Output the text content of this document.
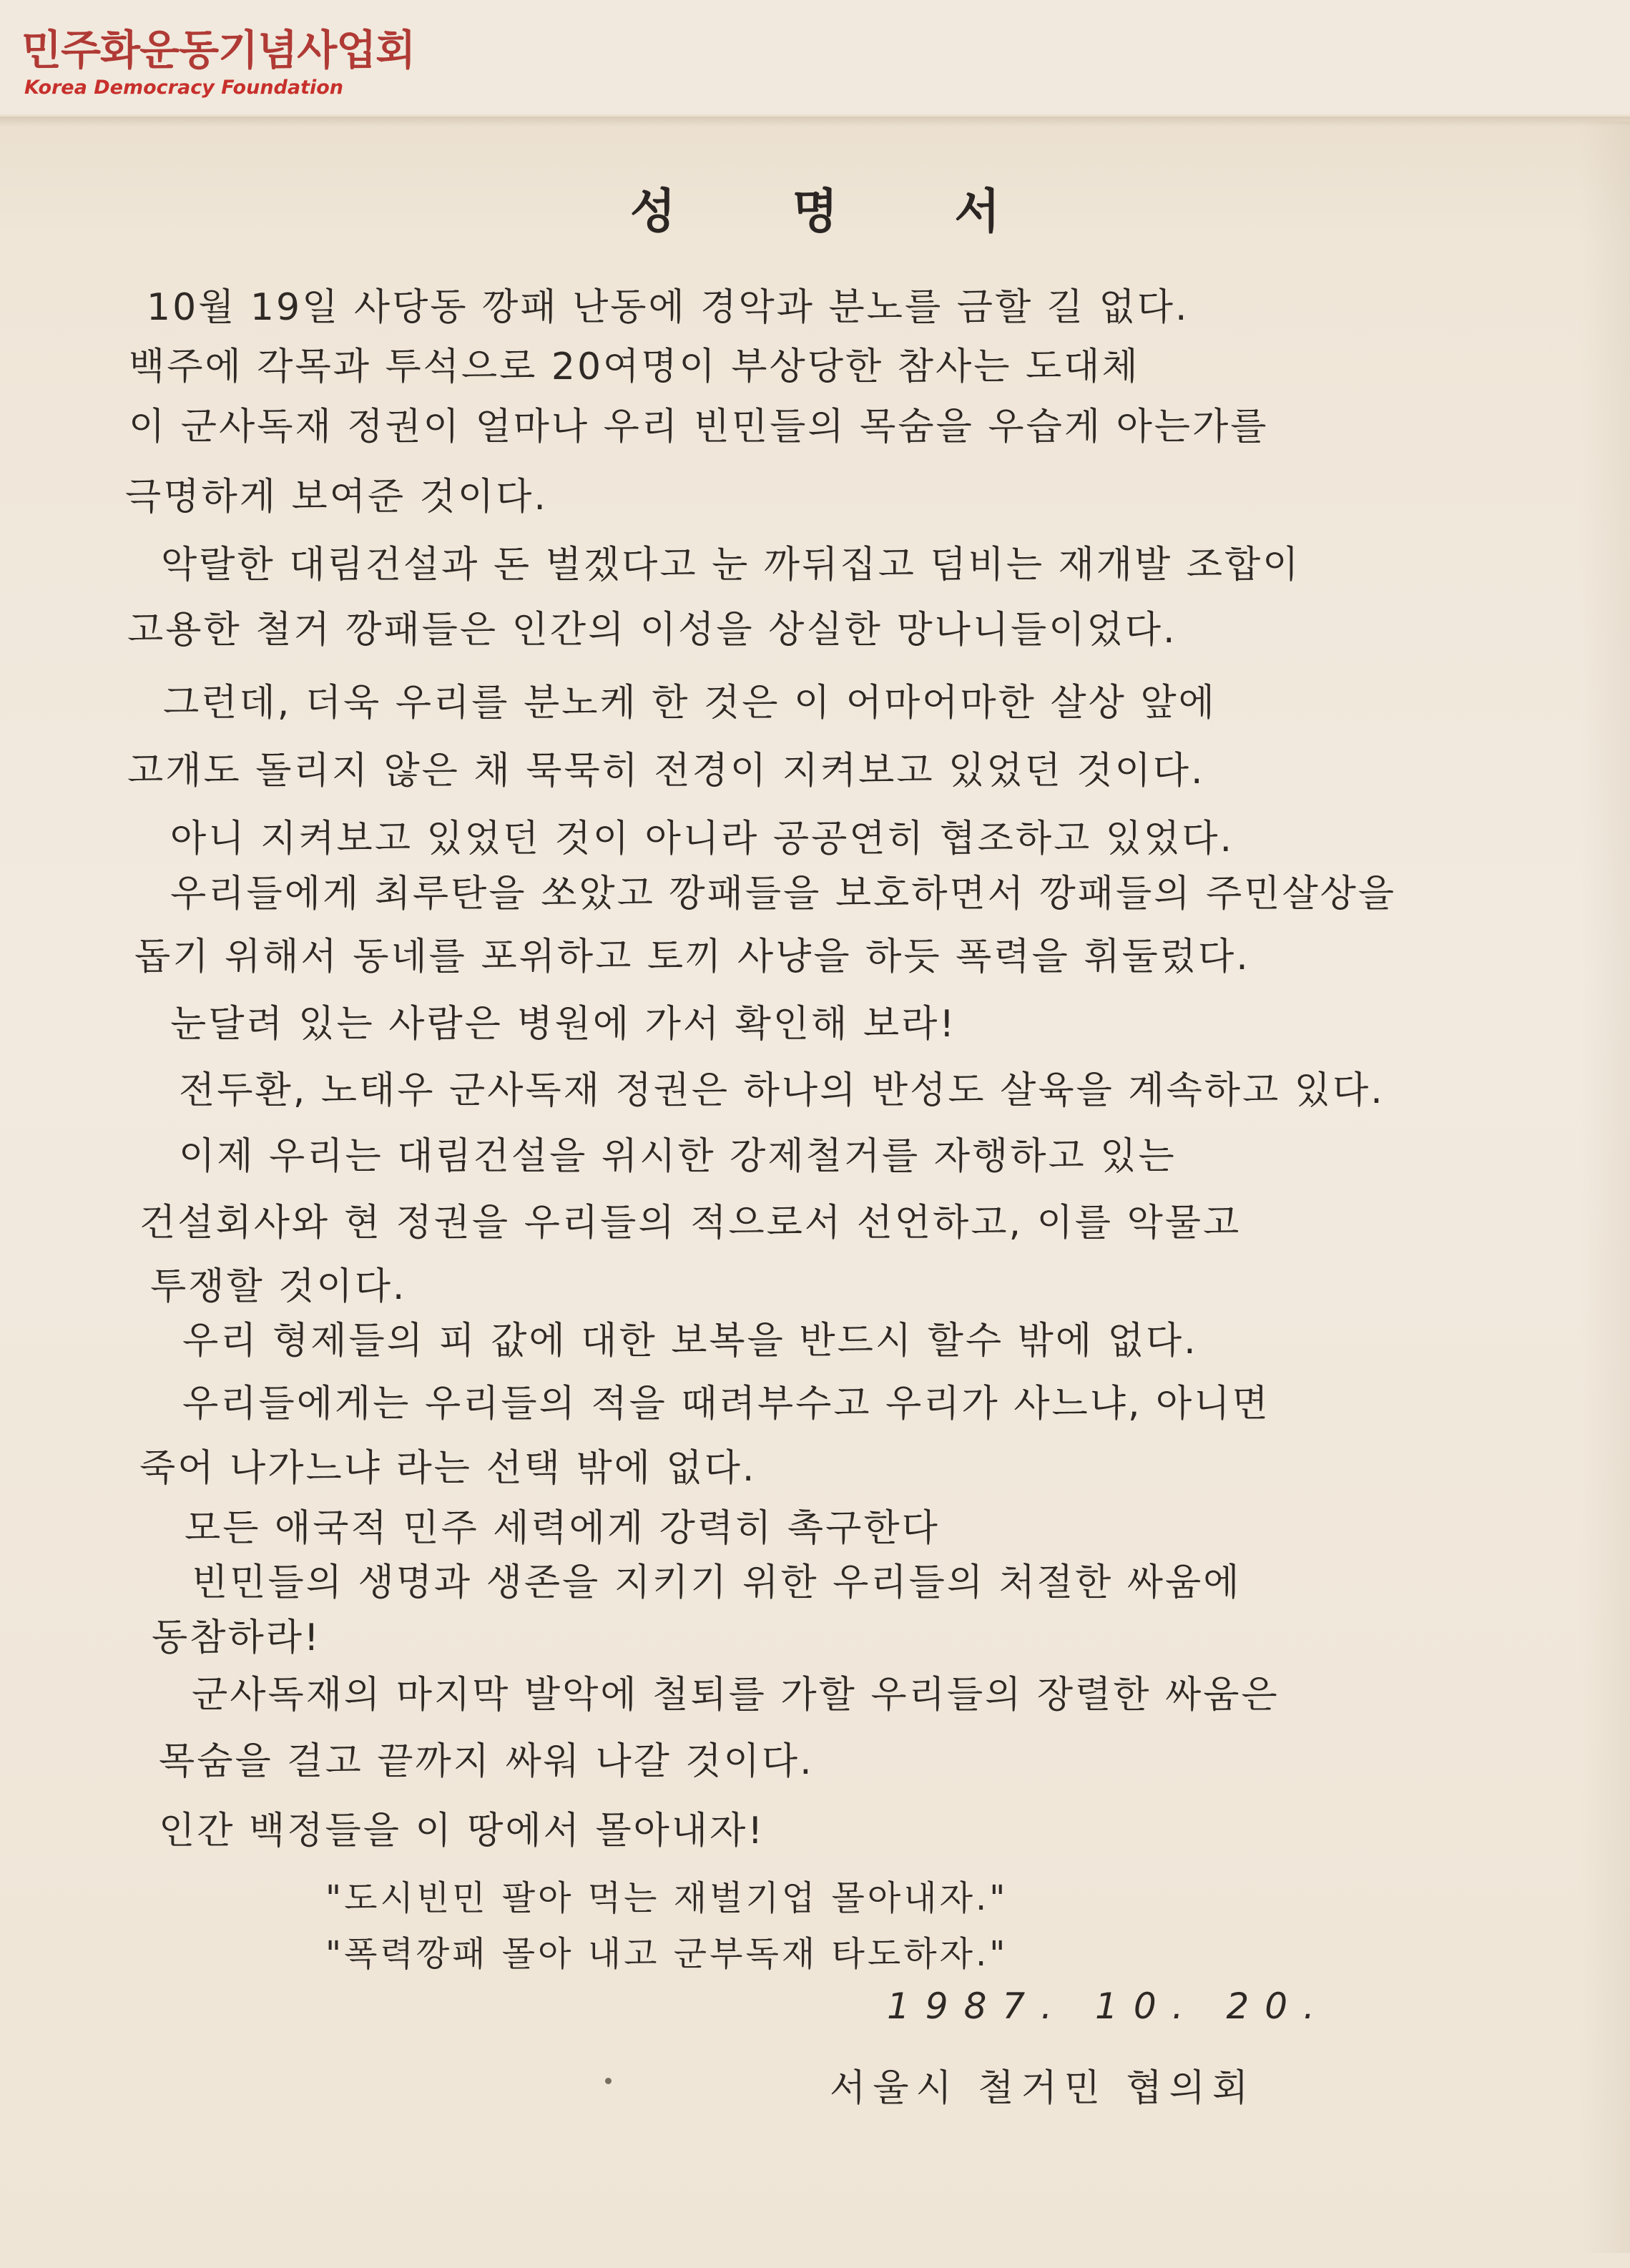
민주화운동기념사업회
Korea Democracy Foundation
성 명 서
10월 19일 사당동 깡패 난동에 경악과 분노를 금할 길 없다.
백주에 각목과 투석으로 20여명이 부상당한 참사는 도대체
이 군사독재 정권이 얼마나 우리 빈민들의 목숨을 우습게 아는가를
극명하게 보여준 것이다.
악랄한 대림건설과 돈 벌겠다고 눈 까뒤집고 덤비는 재개발 조합이
고용한 철거 깡패들은 인간의 이성을 상실한 망나니들이었다.
그런데, 더욱 우리를 분노케 한 것은 이 어마어마한 살상 앞에
고개도 돌리지 않은 채 묵묵히 전경이 지켜보고 있었던 것이다.
아니 지켜보고 있었던 것이 아니라 공공연히 협조하고 있었다.
우리들에게 최루탄을 쏘았고 깡패들을 보호하면서 깡패들의 주민살상을
돕기 위해서 동네를 포위하고 토끼 사냥을 하듯 폭력을 휘둘렀다.
눈달려 있는 사람은 병원에 가서 확인해 보라!
전두환, 노태우 군사독재 정권은 하나의 반성도 살육을 계속하고 있다.
이제 우리는 대림건설을 위시한 강제철거를 자행하고 있는
건설회사와 현 정권을 우리들의 적으로서 선언하고, 이를 악물고
투쟁할 것이다.
우리 형제들의 피 값에 대한 보복을 반드시 할수 밖에 없다.
우리들에게는 우리들의 적을 때려부수고 우리가 사느냐, 아니면
죽어 나가느냐 라는 선택 밖에 없다.
모든 애국적 민주 세력에게 강력히 촉구한다
빈민들의 생명과 생존을 지키기 위한 우리들의 처절한 싸움에
동참하라!
군사독재의 마지막 발악에 철퇴를 가할 우리들의 장렬한 싸움은
목숨을 걸고 끝까지 싸워 나갈 것이다.
인간 백정들을 이 땅에서 몰아내자!
"도시빈민 팔아 먹는 재벌기업 몰아내자."
"폭력깡패 몰아 내고 군부독재 타도하자."
1987. 10. 20.
서울시 철거민 협의회
